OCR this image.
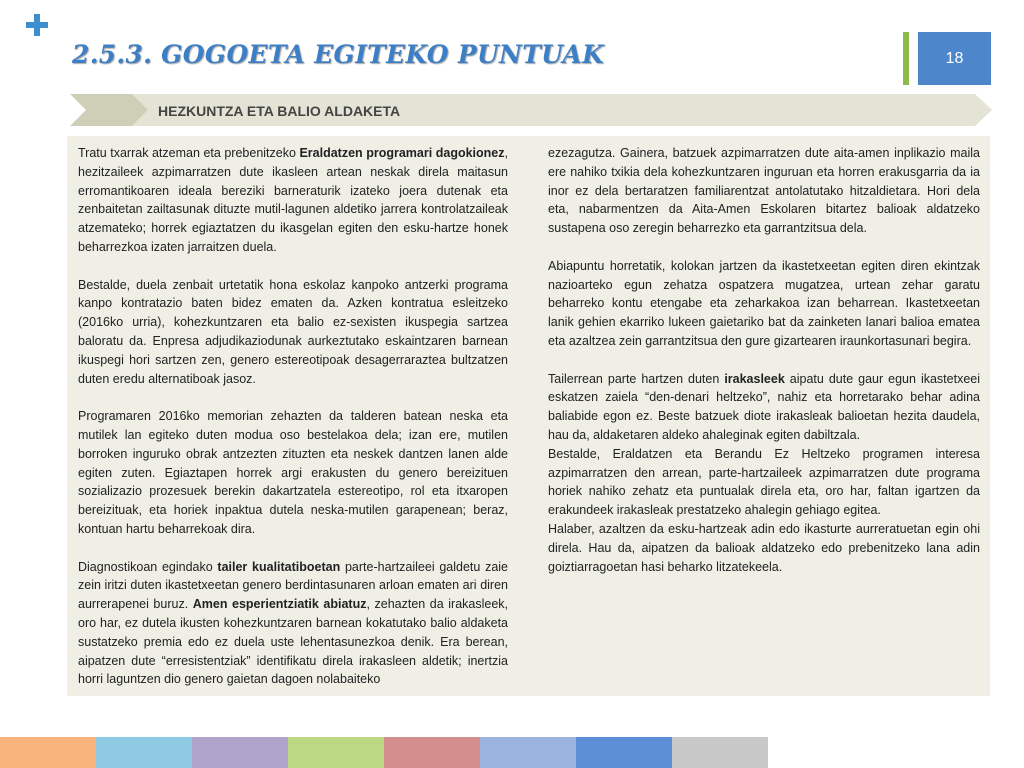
2.5.3. GOGOETA EGITEKO PUNTUAK	18
HEZKUNTZA ETA BALIO ALDAKETA

Tratu txarrak atzeman eta prebenitzeko Eraldatzen programari dagokionez, hezitzaileek azpimarratzen dute ikasleen artean neskak direla maitasun erromantikoaren ideala bereziki barneraturik izateko joera dutenak eta zenbaitetan zailtasunak dituzte mutil-lagunen aldetiko jarrera kontrolatzaileak atzemateko; horrek egiaztatzen du ikasgelan egiten den esku-hartze honek beharrezkoa izaten jarraitzen duela.

Bestalde, duela zenbait urtetatik hona eskolaz kanpoko antzerki programa kanpo kontratazio baten bidez ematen da. Azken kontratua esleitzeko (2016ko urria), kohezkuntzaren eta balio ez-sexisten ikuspegia sartzea baloratu da. Enpresa adjudikaziodunak aurkeztutako eskaintzaren barnean ikuspegi hori sartzen zen, genero estereotipoak desagerraraztea bultzatzen duten eredu alternatiboak jasoz.

Programaren 2016ko memorian zehazten da talderen batean neska eta mutilek lan egiteko duten modua oso bestelakoa dela; izan ere, mutilen borroken inguruko obrak antzezten zituzten eta neskek dantzen lanen alde egiten zuten. Egiaztapen horrek argi erakusten du genero bereizituen sozializazio prozesuek berekin dakartzatela estereotipo, rol eta itxaropen bereizituak, eta horiek inpaktua dutela neska-mutilen garapenean; beraz, kontuan hartu beharrekoak dira.

Diagnostikoan egindako tailer kualitatiboetan parte-hartzaileei galdetu zaie zein iritzi duten ikastetxeetan genero berdintasunaren arloan ematen ari diren aurrerapenei buruz. Amen esperientziatik abiatuz, zehazten da irakasleek, oro har, ez dutela ikusten kohezkuntzaren barnean kokatutako balio aldaketa sustatzeko premia edo ez duela uste lehentasunezkoa denik. Era berean, aipatzen dute “erresistentziak” identifikatu direla irakasleen aldetik; inertzia horri laguntzen dio genero gaietan dagoen nolabaiteko

ezezagutza. Gainera, batzuek azpimarratzen dute aita-amen inplikazio maila ere nahiko txikia dela kohezkuntzaren inguruan eta horren erakusgarria da ia inor ez dela bertaratzen familiarentzat antolatutako hitzaldietara. Hori dela eta, nabarmentzen da Aita-Amen Eskolaren bitartez balioak aldatzeko sustapena oso zeregin beharrezko eta garrantzitsua dela.

Abiapuntu horretatik, kolokan jartzen da ikastetxeetan egiten diren ekintzak nazioarteko egun zehatza ospatzera mugatzea, urtean zehar garatu beharreko kontu etengabe eta zeharkakoa izan beharrean. Ikastetxeetan lanik gehien ekarriko lukeen gaietariko bat da zainketen lanari balioa ematea eta azaltzea zein garrantzitsua den gure gizartearen iraunkortasunari begira.

Tailerrean parte hartzen duten irakasleek aipatu dute gaur egun ikastetxeei eskatzen zaiela “den-denari heltzeko”, nahiz eta horretarako behar adina baliabide egon ez. Beste batzuek diote irakasleak balioetan hezita daudela, hau da, aldaketaren aldeko ahaleginak egiten dabiltzala.

Bestalde, Eraldatzen eta Berandu Ez Heltzeko programen interesa azpimarratzen den arrean, parte-hartzaileek azpimarratzen dute programa horiek nahiko zehatz eta puntualak direla eta, oro har, faltan igartzen da erakundeek irakasleak prestatzeko ahalegin gehiago egitea.

Halaber, azaltzen da esku-hartzeak adin edo ikasturte aurreratuetan egin ohi direla. Hau da, aipatzen da balioak aldatzeko edo prebenitzeko lana adin goiztiarragoetan hasi beharko litzatekeela.
